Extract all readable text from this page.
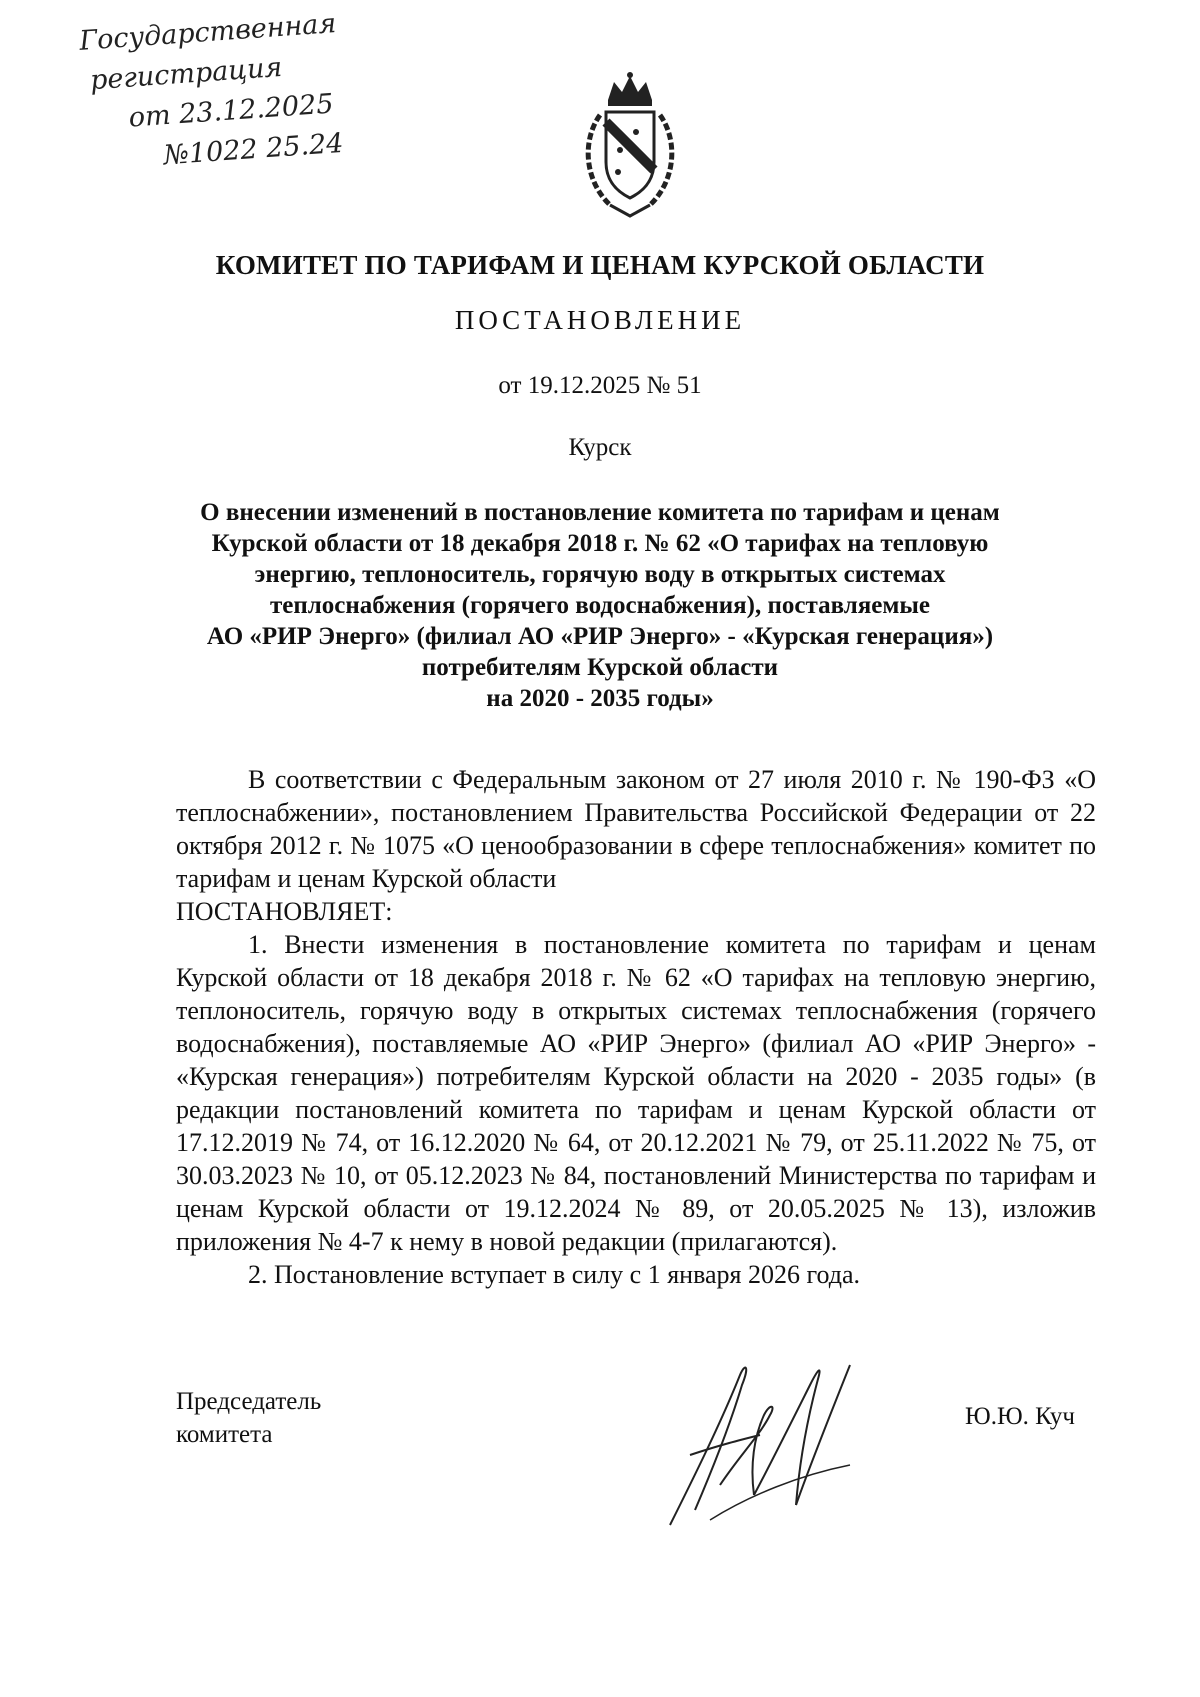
Государственная
регистрация
от 23.12.2025
№1022 25.24
КОМИТЕТ ПО ТАРИФАМ И ЦЕНАМ КУРСКОЙ ОБЛАСТИ
ПОСТАНОВЛЕНИЕ
от 19.12.2025 № 51
Курск
О внесении изменений в постановление комитета по тарифам и ценам
Курской области от 18 декабря 2018 г. № 62 «О тарифах на тепловую
энергию, теплоноситель, горячую воду в открытых системах
теплоснабжения (горячего водоснабжения), поставляемые
АО «РИР Энерго» (филиал АО «РИР Энерго» - «Курская генерация»)
потребителям Курской области
на 2020 - 2035 годы»

В соответствии с Федеральным законом от 27 июля 2010 г. № 190-ФЗ «О теплоснабжении», постановлением Правительства Российской Федерации от 22 октября 2012 г. № 1075 «О ценообразовании в сфере теплоснабжения» комитет по тарифам и ценам Курской области

ПОСТАНОВЛЯЕТ:

1. Внести изменения в постановление комитета по тарифам и ценам Курской области от 18 декабря 2018 г. № 62 «О тарифах на тепловую энергию, теплоноситель, горячую воду в открытых системах теплоснабжения (горячего водоснабжения), поставляемые АО «РИР Энерго» (филиал АО «РИР Энерго» - «Курская генерация») потребителям Курской области на 2020 - 2035 годы» (в редакции постановлений комитета по тарифам и ценам Курской области от 17.12.2019 № 74, от 16.12.2020 № 64, от 20.12.2021 № 79, от 25.11.2022 № 75, от 30.03.2023 № 10, от 05.12.2023 № 84, постановлений Министерства по тарифам и ценам Курской области от 19.12.2024 № 89, от 20.05.2025 № 13), изложив приложения № 4-7 к нему в новой редакции (прилагаются).

2. Постановление вступает в силу с 1 января 2026 года.

Председатель
комитета
Ю.Ю. Куч
